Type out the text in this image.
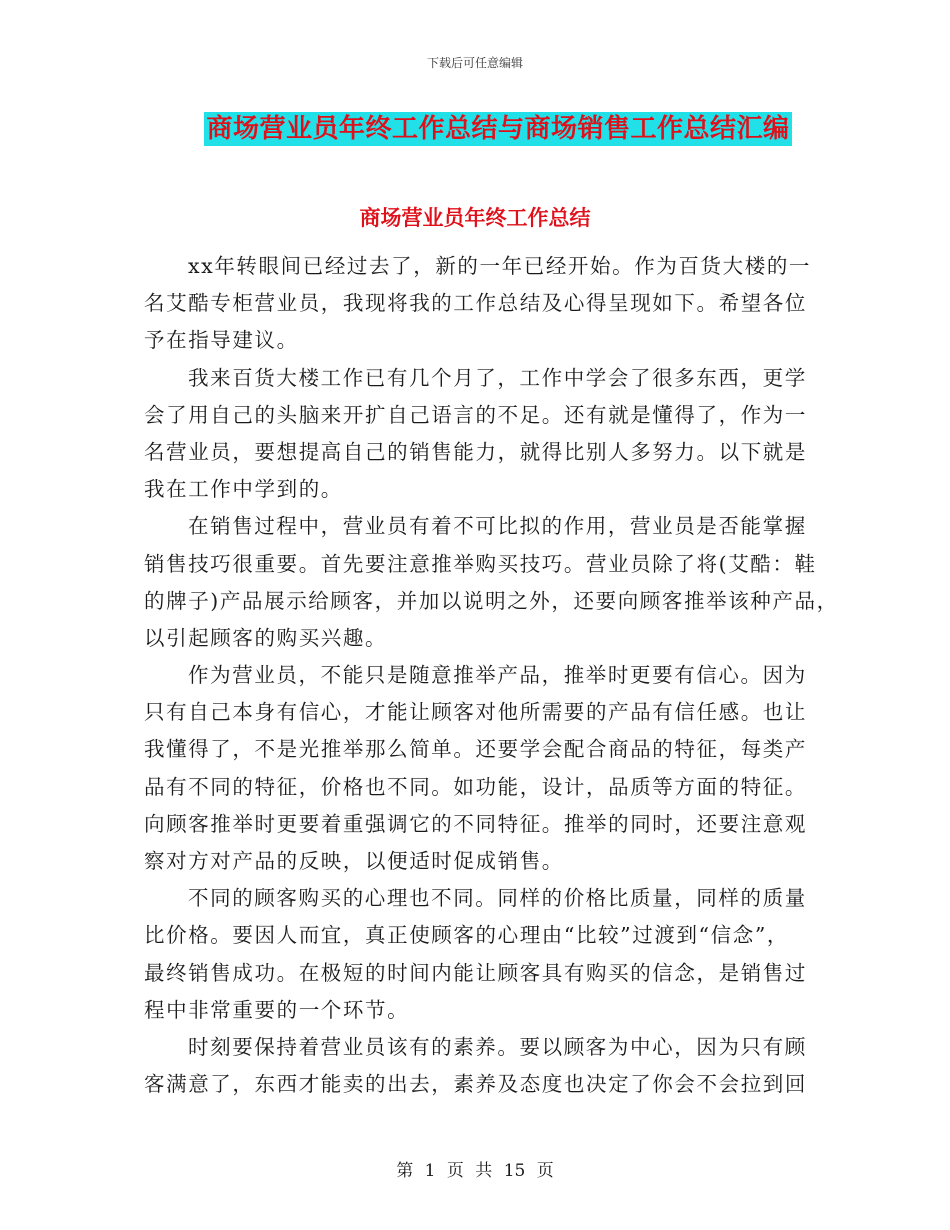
下载后可任意编辑
商场营业员年终工作总结与商场销售工作总结汇编
商场营业员年终工作总结
xx年转眼间已经过去了，新的一年已经开始。作为百货大楼的一
名艾酷专柜营业员，我现将我的工作总结及心得呈现如下。希望各位
予在指导建议。
我来百货大楼工作已有几个月了，工作中学会了很多东西，更学
会了用自己的头脑来开扩自己语言的不足。还有就是懂得了，作为一
名营业员，要想提高自己的销售能力，就得比别人多努力。以下就是
我在工作中学到的。
在销售过程中，营业员有着不可比拟的作用，营业员是否能掌握
销售技巧很重要。首先要注意推举购买技巧。营业员除了将(艾酷：鞋
的牌子)产品展示给顾客，并加以说明之外，还要向顾客推举该种产品，
以引起顾客的购买兴趣。
作为营业员，不能只是随意推举产品，推举时更要有信心。因为
只有自己本身有信心，才能让顾客对他所需要的产品有信任感。也让
我懂得了，不是光推举那么简单。还要学会配合商品的特征，每类产
品有不同的特征，价格也不同。如功能，设计，品质等方面的特征。
向顾客推举时更要着重强调它的不同特征。推举的同时，还要注意观
察对方对产品的反映，以便适时促成销售。
不同的顾客购买的心理也不同。同样的价格比质量，同样的质量
比价格。要因人而宜，真正使顾客的心理由“比较”过渡到“信念”，
最终销售成功。在极短的时间内能让顾客具有购买的信念，是销售过
程中非常重要的一个环节。
时刻要保持着营业员该有的素养。要以顾客为中心，因为只有顾
客满意了，东西才能卖的出去，素养及态度也决定了你会不会拉到回
第 1 页 共 15 页
